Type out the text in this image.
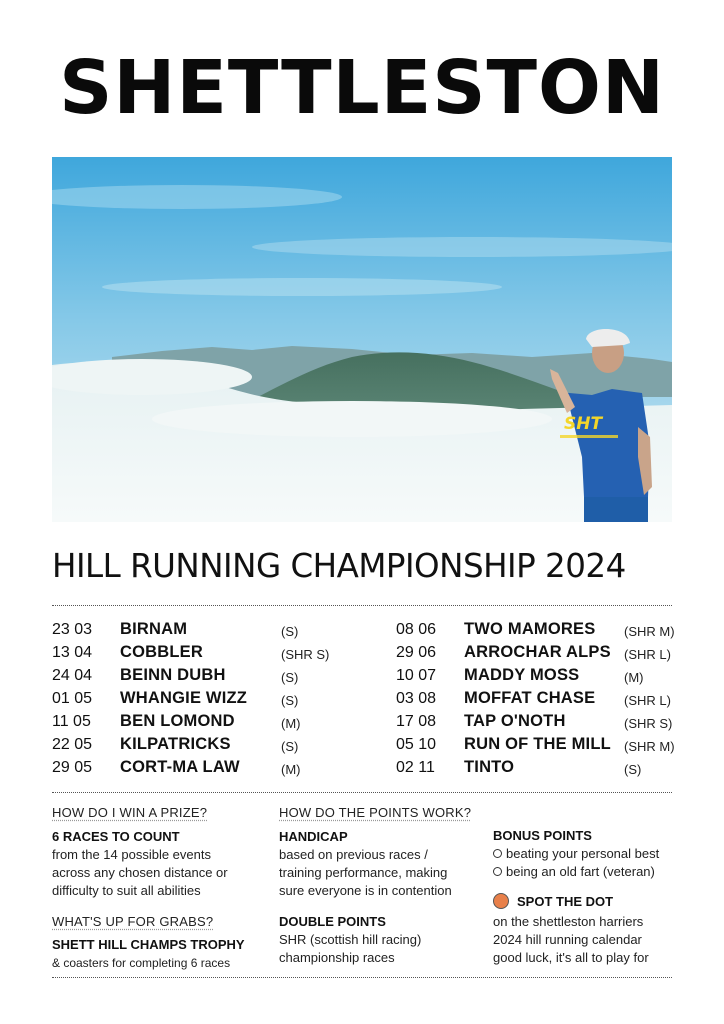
SHETTLESTON
SHT
HILL RUNNING CHAMPIONSHIP 2024
23 03 BIRNAM	(S)
13 04 COBBLER	(SHR S)
24 04 BEINN DUBH	(S)
01 05 WHANGIE WIZZ	(S)
11 05 BEN LOMOND	(M)
22 05 KILPATRICKS	(S)
29 05 CORT-MA LAW	(M)
08 06 TWO MAMORES (SHR M)
29 06 ARROCHAR ALPS (SHR L)
10 07 MADDY MOSS	(M)
03 08 MOFFAT CHASE (SHR L)
17 08 TAP O'NOTH	(SHR S)
05 10 RUN OF THE MILL (SHR M)
02 11 TINTO	(S)
HOW DO I WIN A PRIZE?
6 RACES TO COUNT
from the 14 possible events
across any chosen distance or
difficulty to suit all abilities
WHAT'S UP FOR GRABS?
SHETT HILL CHAMPS TROPHY
& coasters for completing 6 races
HOW DO THE POINTS WORK?
HANDICAP
based on previous races /
training performance, making
sure everyone is in contention
DOUBLE POINTS
SHR (scottish hill racing)
championship races
BONUS POINTS
beating your personal best
being an old fart (veteran)
SPOT THE DOT
on the shettleston harriers
2024 hill running calendar
good luck, it's all to play for
